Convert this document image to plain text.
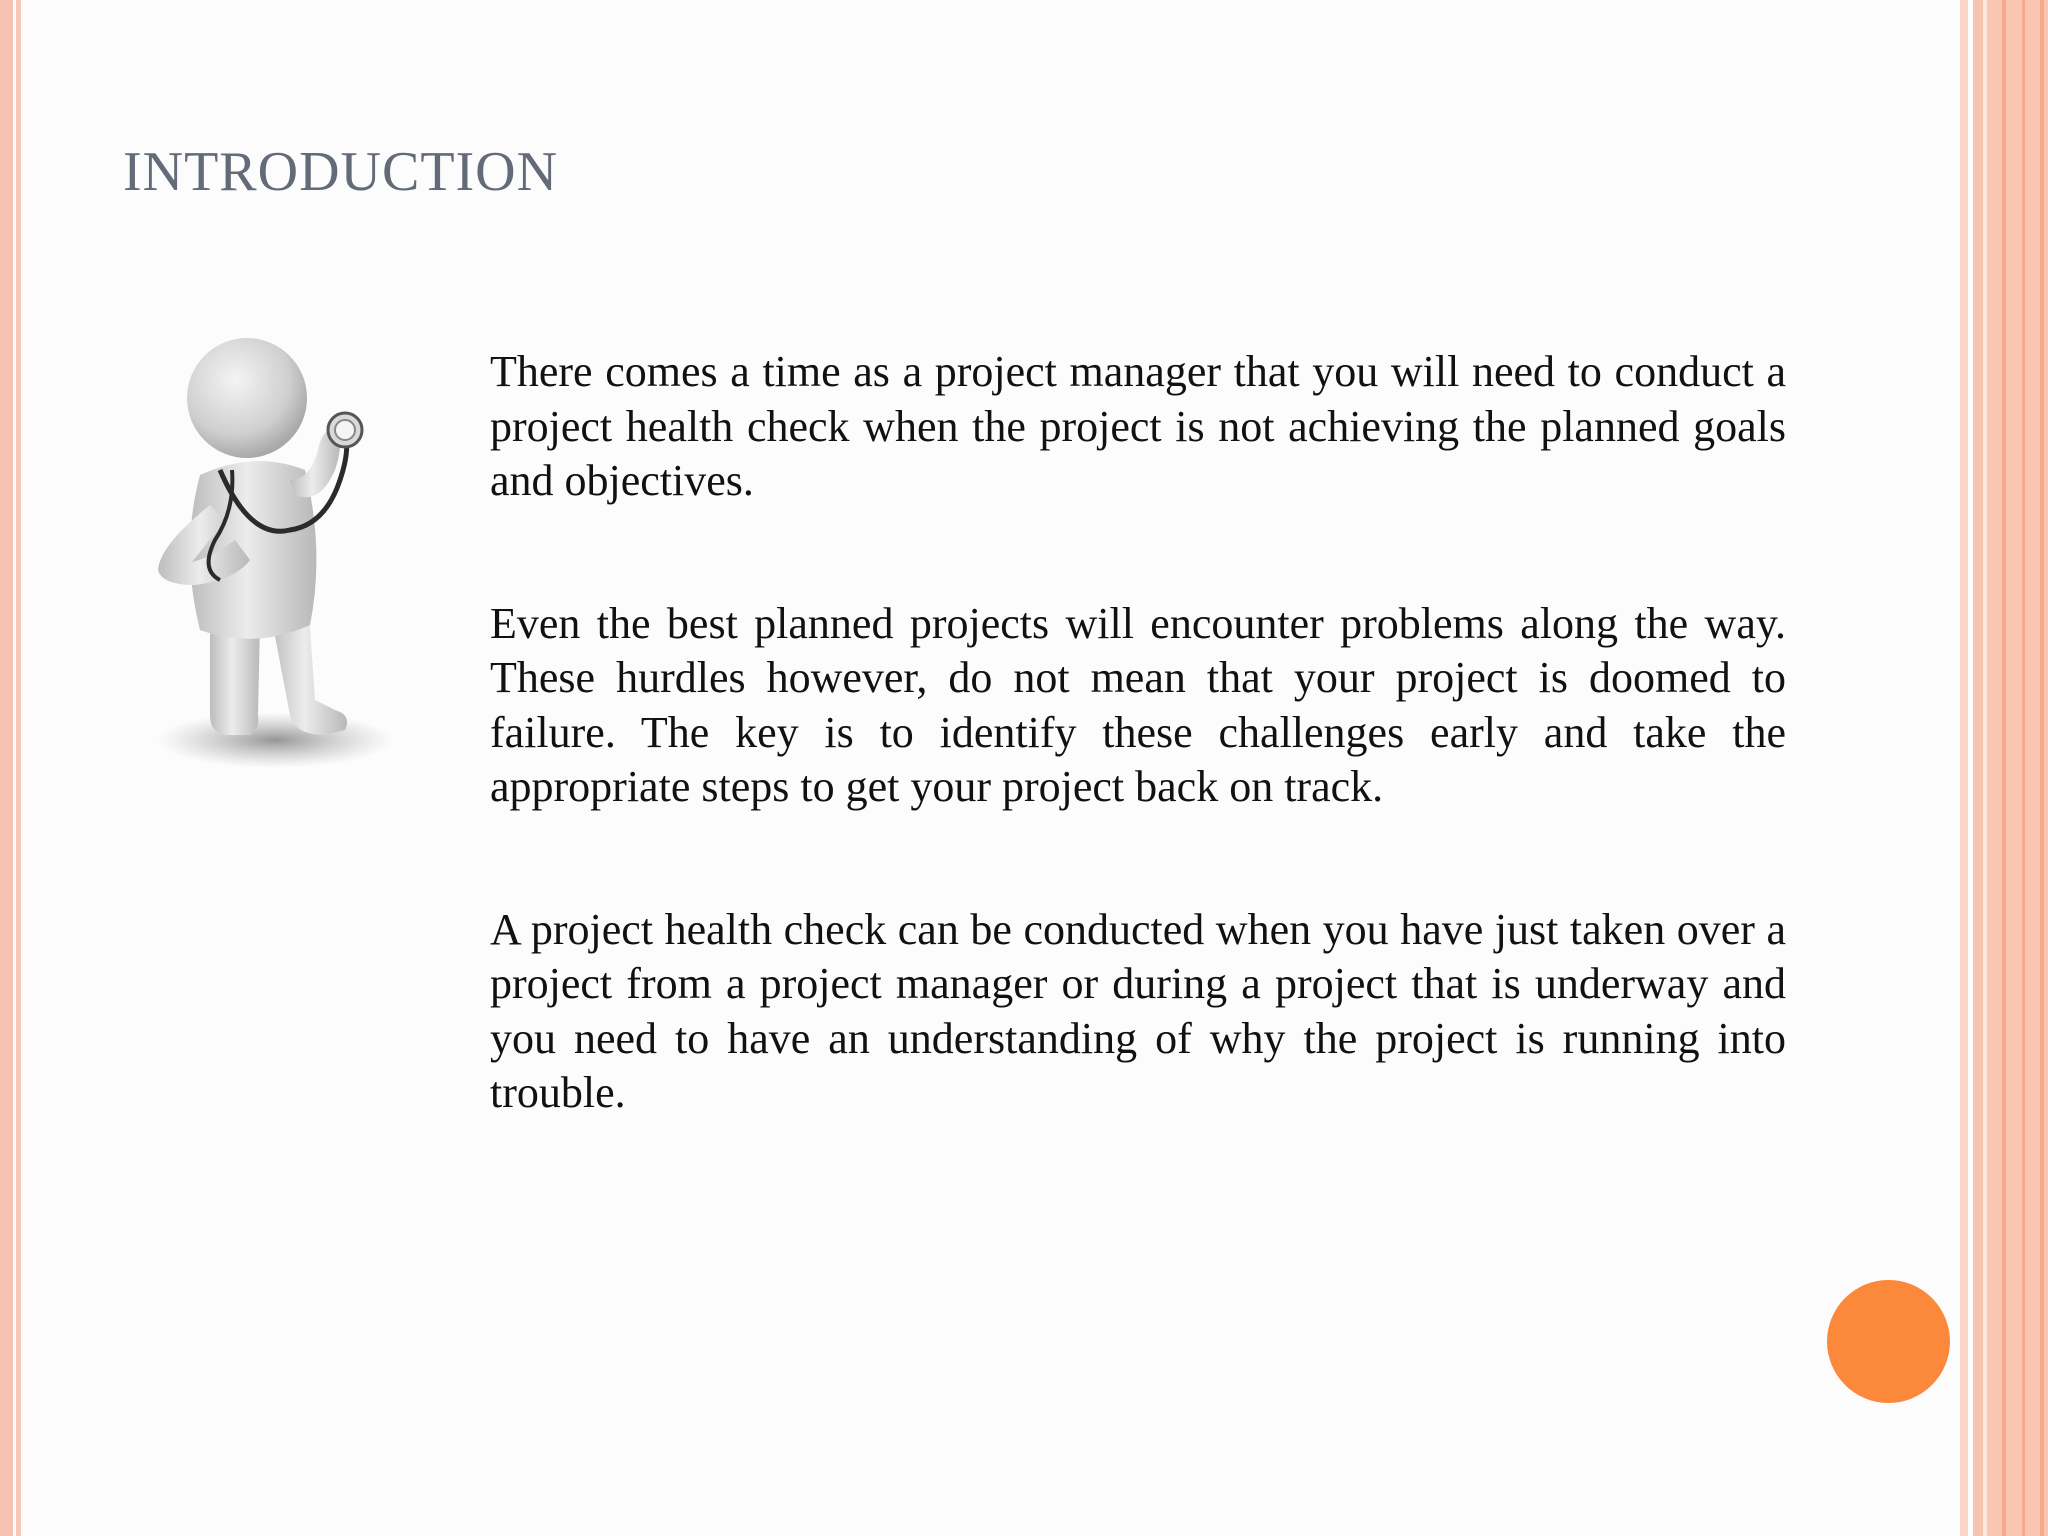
INTRODUCTION

There comes a time as a project manager that you will need to conduct a project health check when the project is not achieving the planned goals and objectives.

Even the best planned projects will encounter problems along the way. These hurdles however, do not mean that your project is doomed to failure. The key is to identify these challenges early and take the appropriate steps to get your project back on track.

A project health check can be conducted when you have just taken over a project from a project manager or during a project that is underway and you need to have an understanding of why the project is running into trouble.
